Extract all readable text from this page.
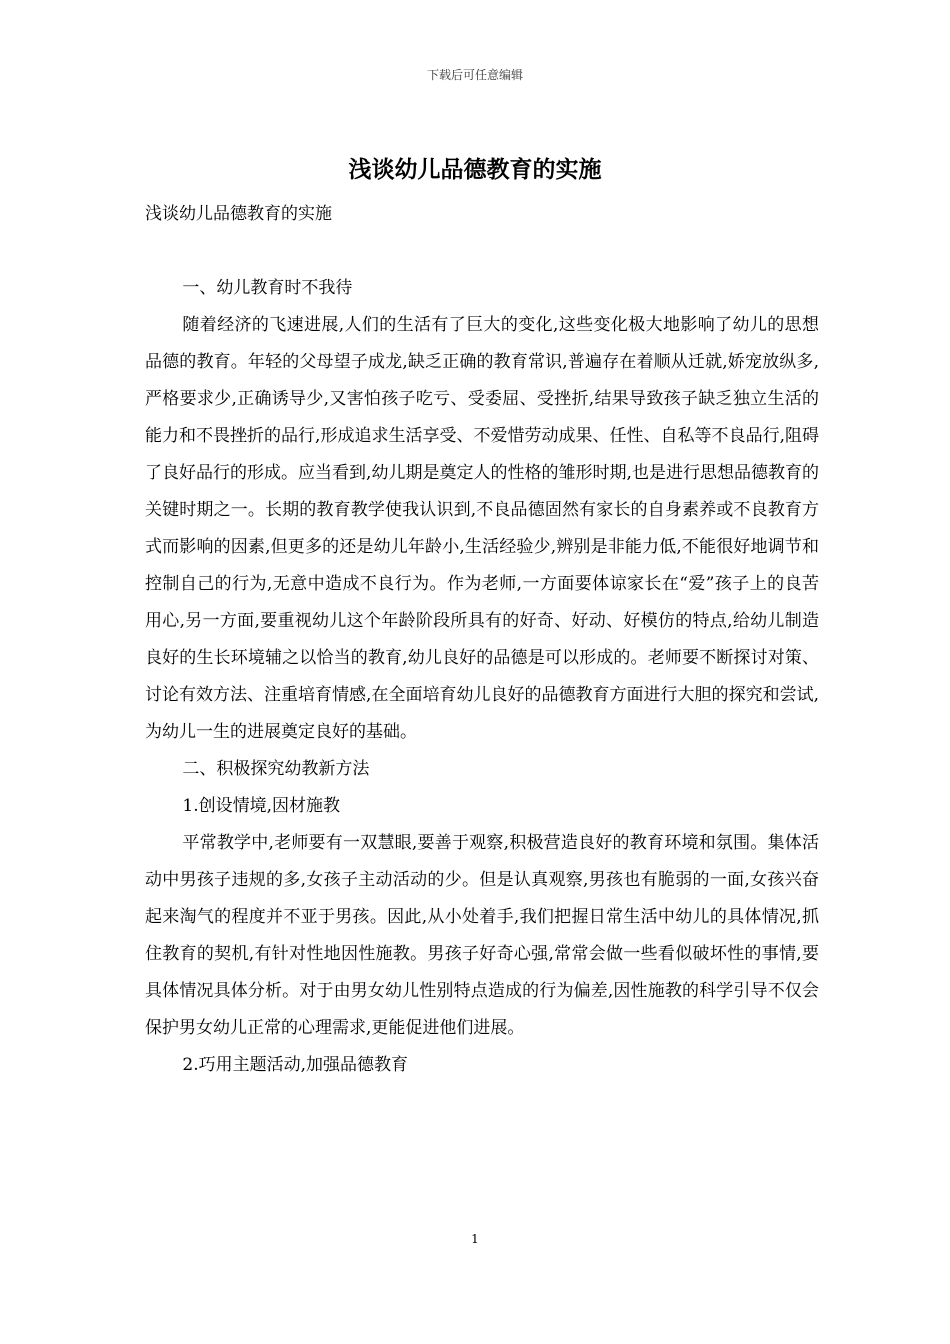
下载后可任意编辑
浅谈幼儿品德教育的实施

浅谈幼儿品德教育的实施

一、幼儿教育时不我待

随着经济的飞速进展,人们的生活有了巨大的变化,这些变化极大地影响了幼儿的思想品德的教育。年轻的父母望子成龙,缺乏正确的教育常识,普遍存在着顺从迁就,娇宠放纵多,严格要求少,正确诱导少,又害怕孩子吃亏、受委屈、受挫折,结果导致孩子缺乏独立生活的能力和不畏挫折的品行,形成追求生活享受、不爱惜劳动成果、任性、自私等不良品行,阻碍了良好品行的形成。应当看到,幼儿期是奠定人的性格的雏形时期,也是进行思想品德教育的关键时期之一。长期的教育教学使我认识到,不良品德固然有家长的自身素养或不良教育方式而影响的因素,但更多的还是幼儿年龄小,生活经验少,辨别是非能力低,不能很好地调节和控制自己的行为,无意中造成不良行为。作为老师,一方面要体谅家长在“爱”孩子上的良苦用心,另一方面,要重视幼儿这个年龄阶段所具有的好奇、好动、好模仿的特点,给幼儿制造良好的生长环境辅之以恰当的教育,幼儿良好的品德是可以形成的。老师要不断探讨对策、讨论有效方法、注重培育情感,在全面培育幼儿良好的品德教育方面进行大胆的探究和尝试,为幼儿一生的进展奠定良好的基础。

二、积极探究幼教新方法

1.创设情境,因材施教

平常教学中,老师要有一双慧眼,要善于观察,积极营造良好的教育环境和氛围。集体活动中男孩子违规的多,女孩子主动活动的少。但是认真观察,男孩也有脆弱的一面,女孩兴奋起来淘气的程度并不亚于男孩。因此,从小处着手,我们把握日常生活中幼儿的具体情况,抓住教育的契机,有针对性地因性施教。男孩子好奇心强,常常会做一些看似破坏性的事情,要具体情况具体分析。对于由男女幼儿性别特点造成的行为偏差,因性施教的科学引导不仅会保护男女幼儿正常的心理需求,更能促进他们进展。

2.巧用主题活动,加强品德教育

1
